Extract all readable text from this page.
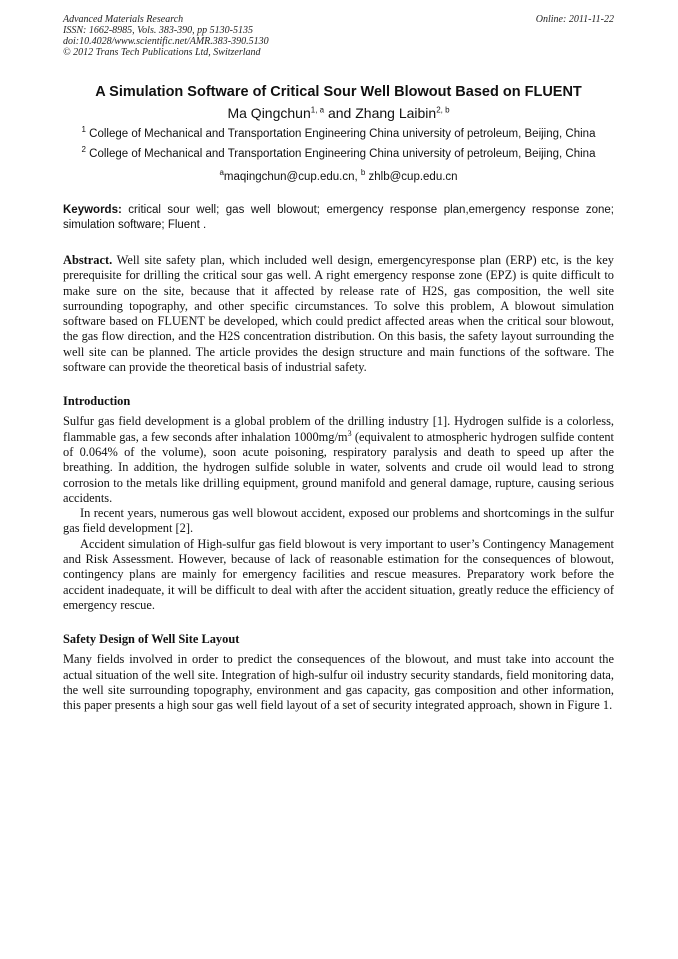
Advanced Materials Research
ISSN: 1662-8985, Vols. 383-390, pp 5130-5135
doi:10.4028/www.scientific.net/AMR.383-390.5130
© 2012 Trans Tech Publications Ltd, Switzerland
Online: 2011-11-22
A Simulation Software of Critical Sour Well Blowout Based on FLUENT
Ma Qingchun$^{1, a}$ and Zhang Laibin$^{2, b}$
$^1$ College of Mechanical and Transportation Engineering China university of petroleum, Beijing, China
$^2$ College of Mechanical and Transportation Engineering China university of petroleum, Beijing, China
$^a$maqingchun@cup.edu.cn, $^b$ zhlb@cup.edu.cn
Keywords: critical sour well; gas well blowout; emergency response plan,emergency response zone; simulation software; Fluent .
Abstract. Well site safety plan, which included well design, emergencyresponse plan (ERP) etc, is the key prerequisite for drilling the critical sour gas well. A right emergency response zone (EPZ) is quite difficult to make sure on the site, because that it affected by release rate of H2S, gas composition, the well site surrounding topography, and other specific circumstances. To solve this problem, A blowout simulation software based on FLUENT be developed, which could predict affected areas when the critical sour blowout, the gas flow direction, and the H2S concentration distribution. On this basis, the safety layout surrounding the well site can be planned. The article provides the design structure and main functions of the software. The software can provide the theoretical basis of industrial safety.
Introduction

Sulfur gas field development is a global problem of the drilling industry [1]. Hydrogen sulfide is a colorless, flammable gas, a few seconds after inhalation $1000mg/m^3$ (equivalent to atmospheric hydrogen sulfide content of 0.064% of the volume), soon acute poisoning, respiratory paralysis and death to speed up after the breathing. In addition, the hydrogen sulfide soluble in water, solvents and crude oil would lead to strong corrosion to the metals like drilling equipment, ground manifold and general damage, rupture, causing serious accidents.

In recent years, numerous gas well blowout accident, exposed our problems and shortcomings in the sulfur gas field development [2].

Accident simulation of High-sulfur gas field blowout is very important to user’s Contingency Management and Risk Assessment. However, because of lack of reasonable estimation for the consequences of blowout, contingency plans are mainly for emergency facilities and rescue measures. Preparatory work before the accident inadequate, it will be difficult to deal with after the accident situation, greatly reduce the efficiency of emergency rescue.

Safety Design of Well Site Layout

Many fields involved in order to predict the consequences of the blowout, and must take into account the actual situation of the well site. Integration of high-sulfur oil industry security standards, field monitoring data, the well site surrounding topography, environment and gas capacity, gas composition and other information, this paper presents a high sour gas well field layout of a set of security integrated approach, shown in Figure 1.
